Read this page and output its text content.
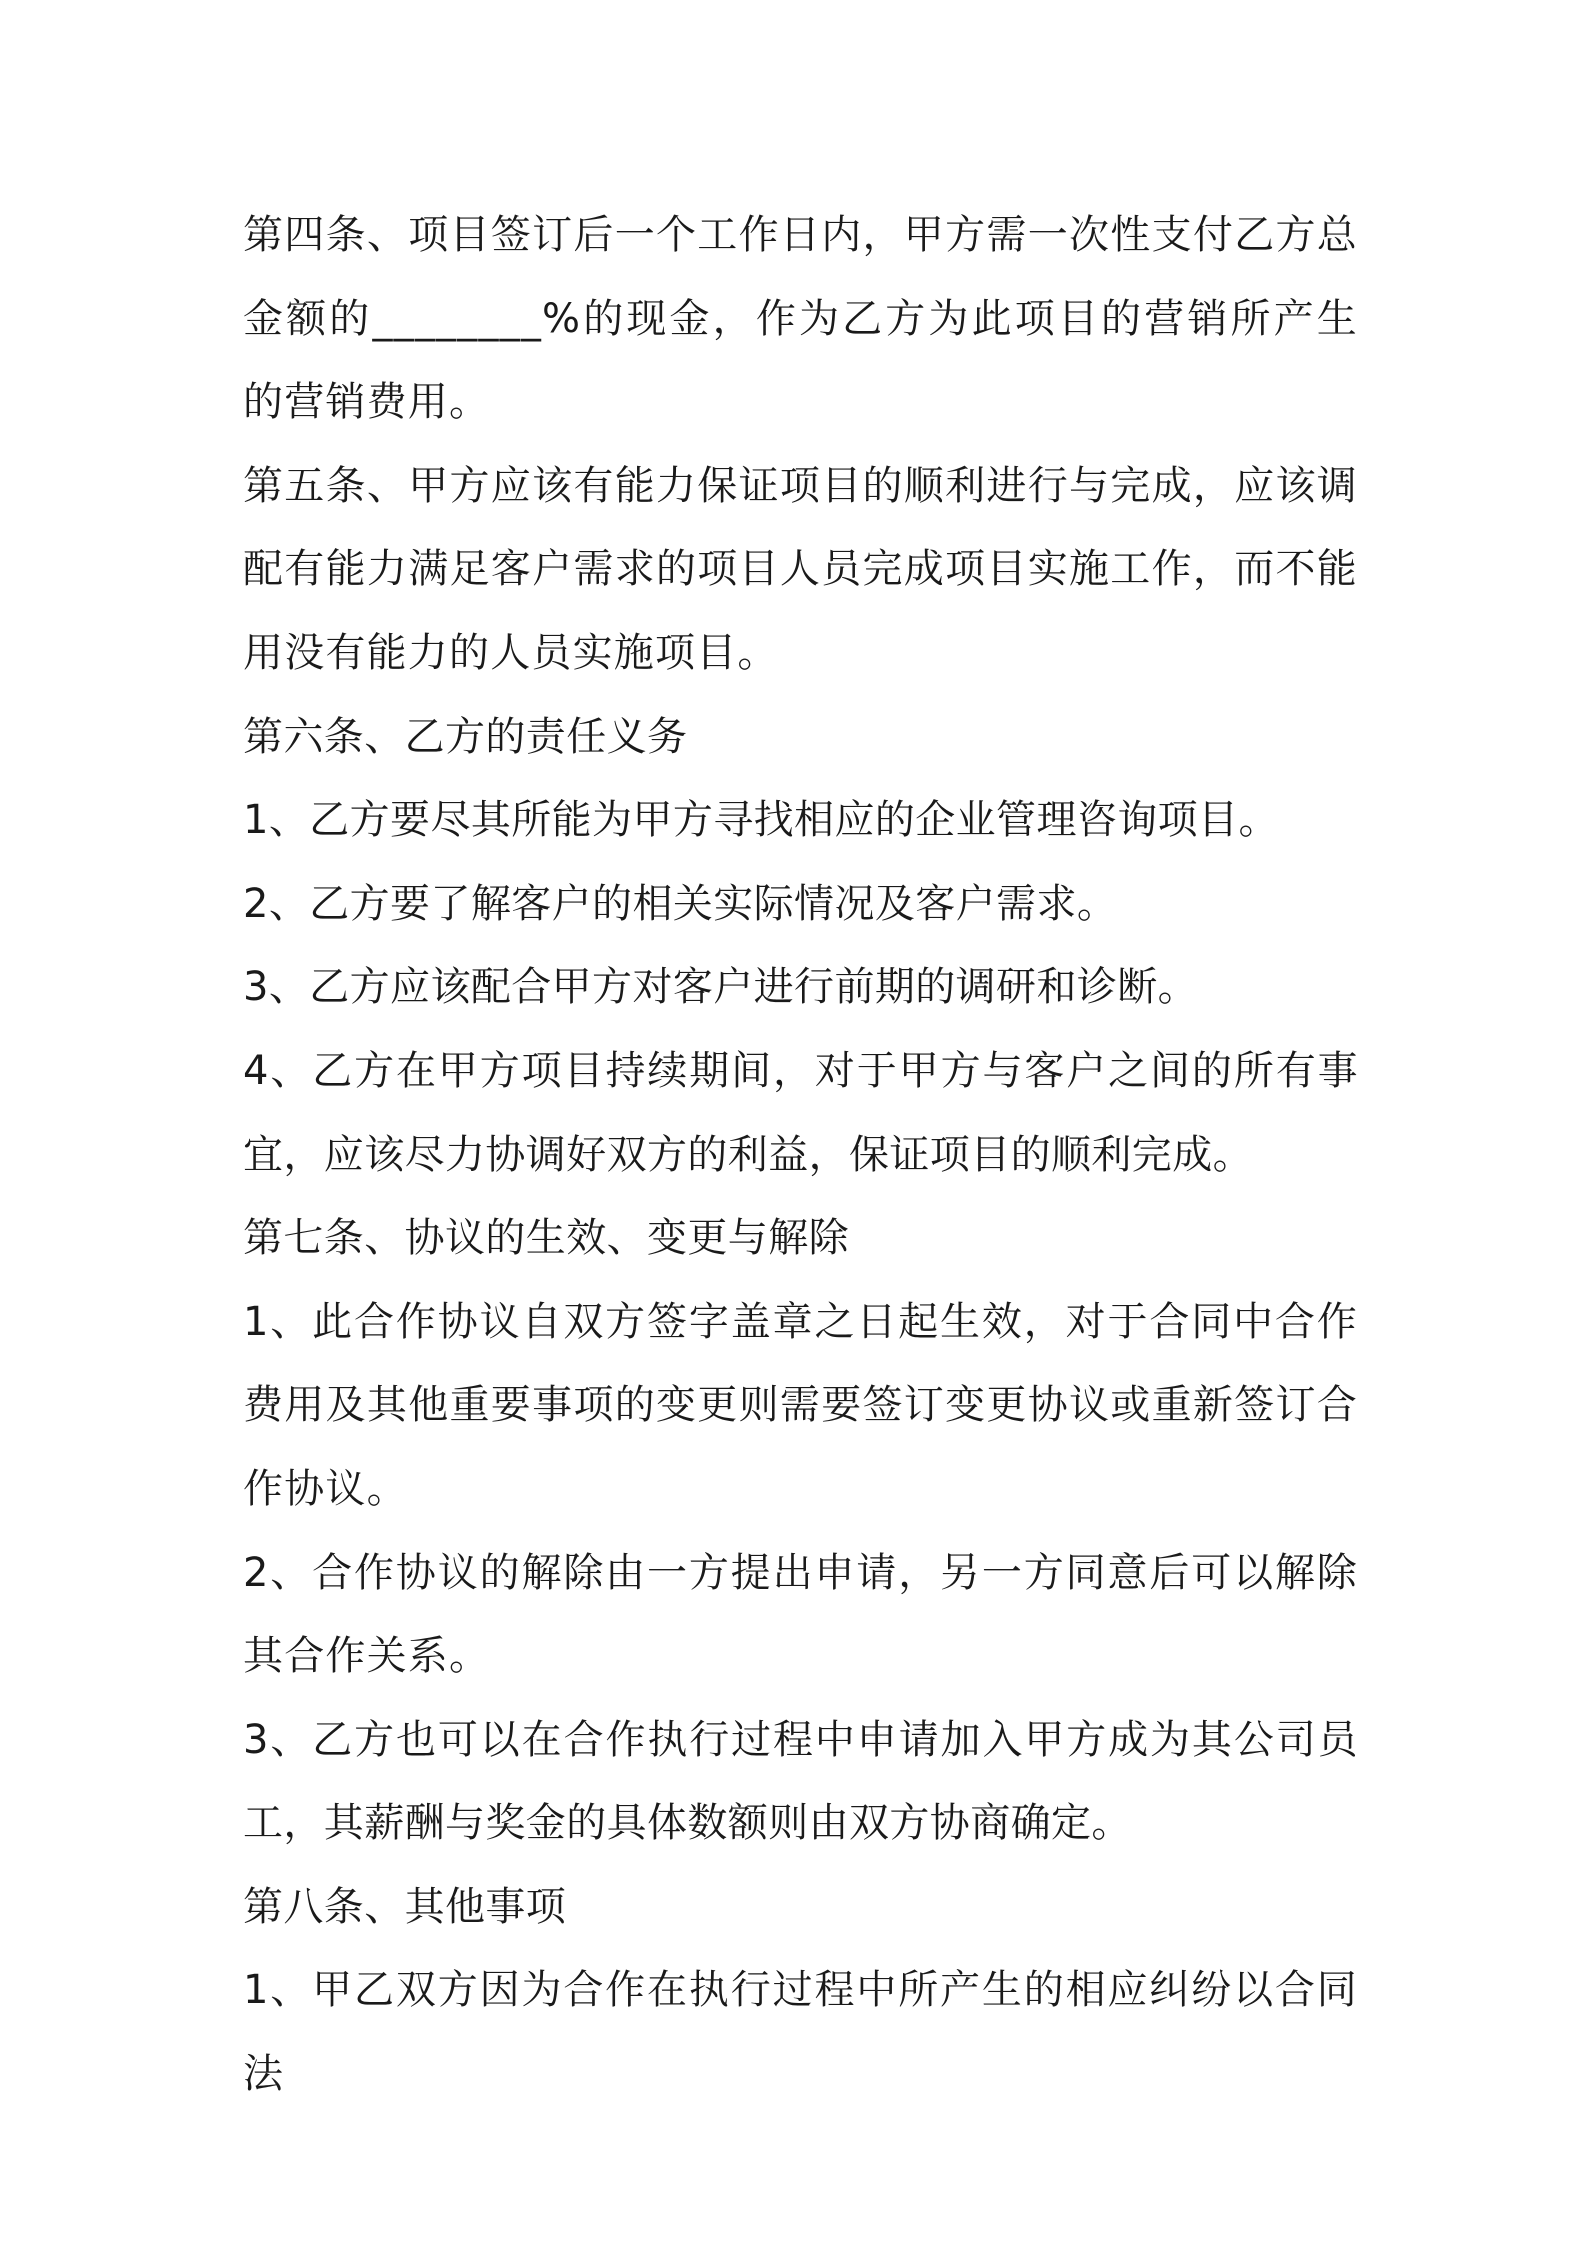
第四条、项目签订后一个工作日内，甲方需一次性支付乙方总金额的________%的现金，作为乙方为此项目的营销所产生的营销费用。

第五条、甲方应该有能力保证项目的顺利进行与完成，应该调配有能力满足客户需求的项目人员完成项目实施工作，而不能用没有能力的人员实施项目。

第六条、乙方的责任义务

1、乙方要尽其所能为甲方寻找相应的企业管理咨询项目。

2、乙方要了解客户的相关实际情况及客户需求。

3、乙方应该配合甲方对客户进行前期的调研和诊断。

4、乙方在甲方项目持续期间，对于甲方与客户之间的所有事宜，应该尽力协调好双方的利益，保证项目的顺利完成。

第七条、协议的生效、变更与解除

1、此合作协议自双方签字盖章之日起生效，对于合同中合作费用及其他重要事项的变更则需要签订变更协议或重新签订合作协议。

2、合作协议的解除由一方提出申请，另一方同意后可以解除其合作关系。

3、乙方也可以在合作执行过程中申请加入甲方成为其公司员工，其薪酬与奖金的具体数额则由双方协商确定。

第八条、其他事项

1、甲乙双方因为合作在执行过程中所产生的相应纠纷以合同法
